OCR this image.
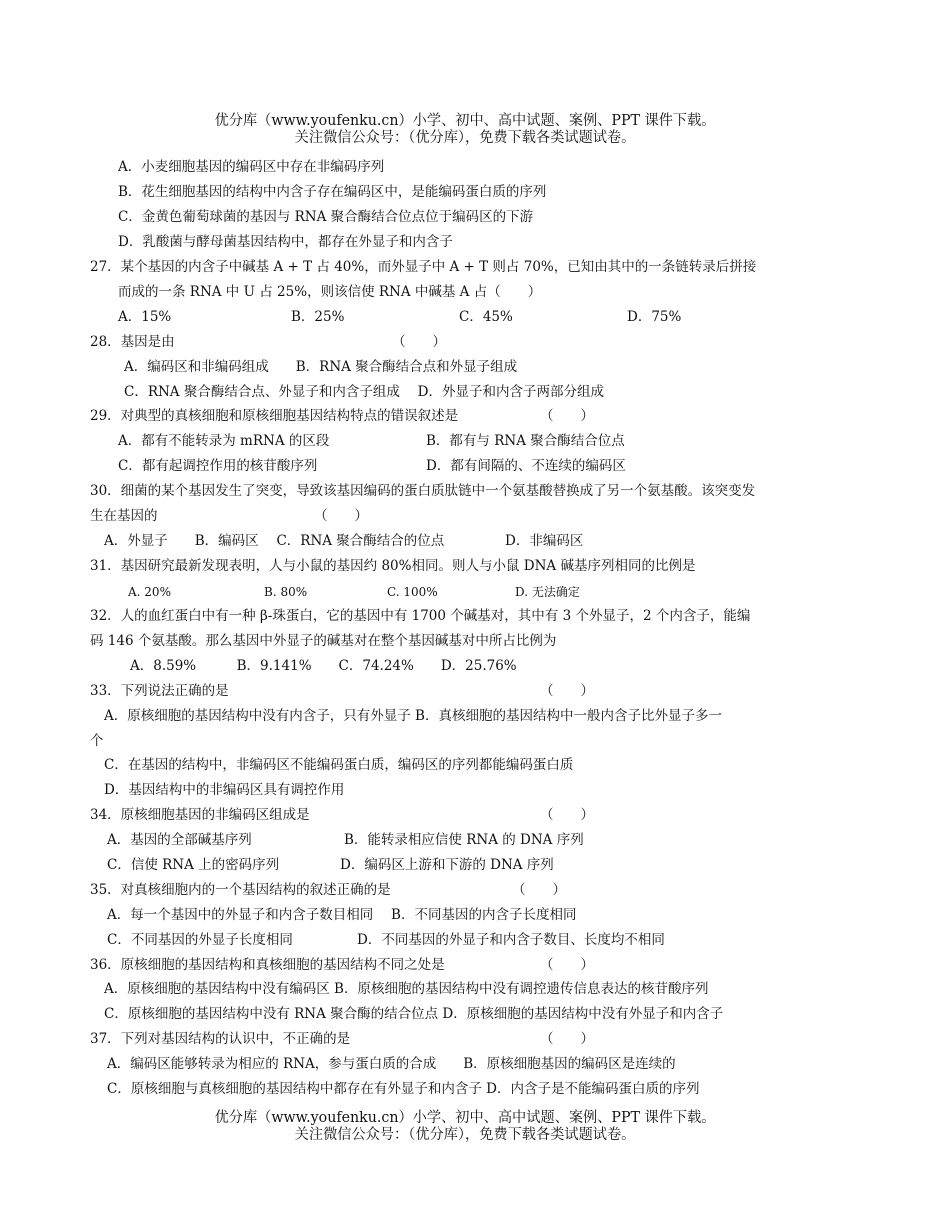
优分库（www.youfenku.cn）小学、初中、高中试题、案例、PPT 课件下载。
关注微信公众号：（优分库），免费下载各类试题试卷。
A．小麦细胞基因的编码区中存在非编码序列
B．花生细胞基因的结构中内含子存在编码区中，是能编码蛋白质的序列
C．金黄色葡萄球菌的基因与 RNA 聚合酶结合位点位于编码区的下游
D．乳酸菌与酵母菌基因结构中，都存在外显子和内含子
27．某个基因的内含子中碱基 A + T 占 40%，而外显子中 A + T 则占 70%，已知由其中的一条链转录后拼接
而成的一条 RNA 中 U 占 25%，则该信使 RNA 中碱基 A 占（　　）
A．15%	B．25%	C．45%	D．75%
28．基因是由	（　　）
A．编码区和非编码组成　　B．RNA 聚合酶结合点和外显子组成
C．RNA 聚合酶结合点、外显子和内含子组成　 D．外显子和内含子两部分组成
29．对典型的真核细胞和原核细胞基因结构特点的错误叙述是	（　　）
A．都有不能转录为 mRNA 的区段	B．都有与 RNA 聚合酶结合位点
C．都有起调控作用的核苷酸序列	D．都有间隔的、不连续的编码区
30．细菌的某个基因发生了突变，导致该基因编码的蛋白质肽链中一个氨基酸替换成了另一个氨基酸。该突变发
生在基因的	（　　）
A．外显子　　B．编码区　 C．RNA 聚合酶结合的位点	D．非编码区
31．基因研究最新发现表明，人与小鼠的基因约 80%相同。则人与小鼠 DNA 碱基序列相同的比例是
A. 20%	B. 80%	C. 100%	D. 无法确定
32．人的血红蛋白中有一种 β-珠蛋白，它的基因中有 1700 个碱基对，其中有 3 个外显子，2 个内含子，能编
码 146 个氨基酸。那么基因中外显子的碱基对在整个基因碱基对中所占比例为
A．8.59%　　　B．9.141%　　C．74.24%　　D．25.76%
33．下列说法正确的是	（　　）
A．原核细胞的基因结构中没有内含子，只有外显子 B．真核细胞的基因结构中一般内含子比外显子多一
个
C．在基因的结构中，非编码区不能编码蛋白质，编码区的序列都能编码蛋白质
D．基因结构中的非编码区具有调控作用
34．原核细胞基因的非编码区组成是	（　　）
A．基因的全部碱基序列	B．能转录相应信使 RNA 的 DNA 序列
C．信使 RNA 上的密码序列	D．编码区上游和下游的 DNA 序列
35．对真核细胞内的一个基因结构的叙述正确的是	（　　）
A．每一个基因中的外显子和内含子数目相同　 B．不同基因的内含子长度相同
C．不同基因的外显子长度相同	D．不同基因的外显子和内含子数目、长度均不相同
36．原核细胞的基因结构和真核细胞的基因结构不同之处是	（　　）
A．原核细胞的基因结构中没有编码区 B．原核细胞的基因结构中没有调控遗传信息表达的核苷酸序列
C．原核细胞的基因结构中没有 RNA 聚合酶的结合位点 D．原核细胞的基因结构中没有外显子和内含子
37．下列对基因结构的认识中，不正确的是	（　　）
A．编码区能够转录为相应的 RNA，参与蛋白质的合成　　B．原核细胞基因的编码区是连续的
C．原核细胞与真核细胞的基因结构中都存在有外显子和内含子 D．内含子是不能编码蛋白质的序列
优分库（www.youfenku.cn）小学、初中、高中试题、案例、PPT 课件下载。
关注微信公众号：（优分库），免费下载各类试题试卷。
